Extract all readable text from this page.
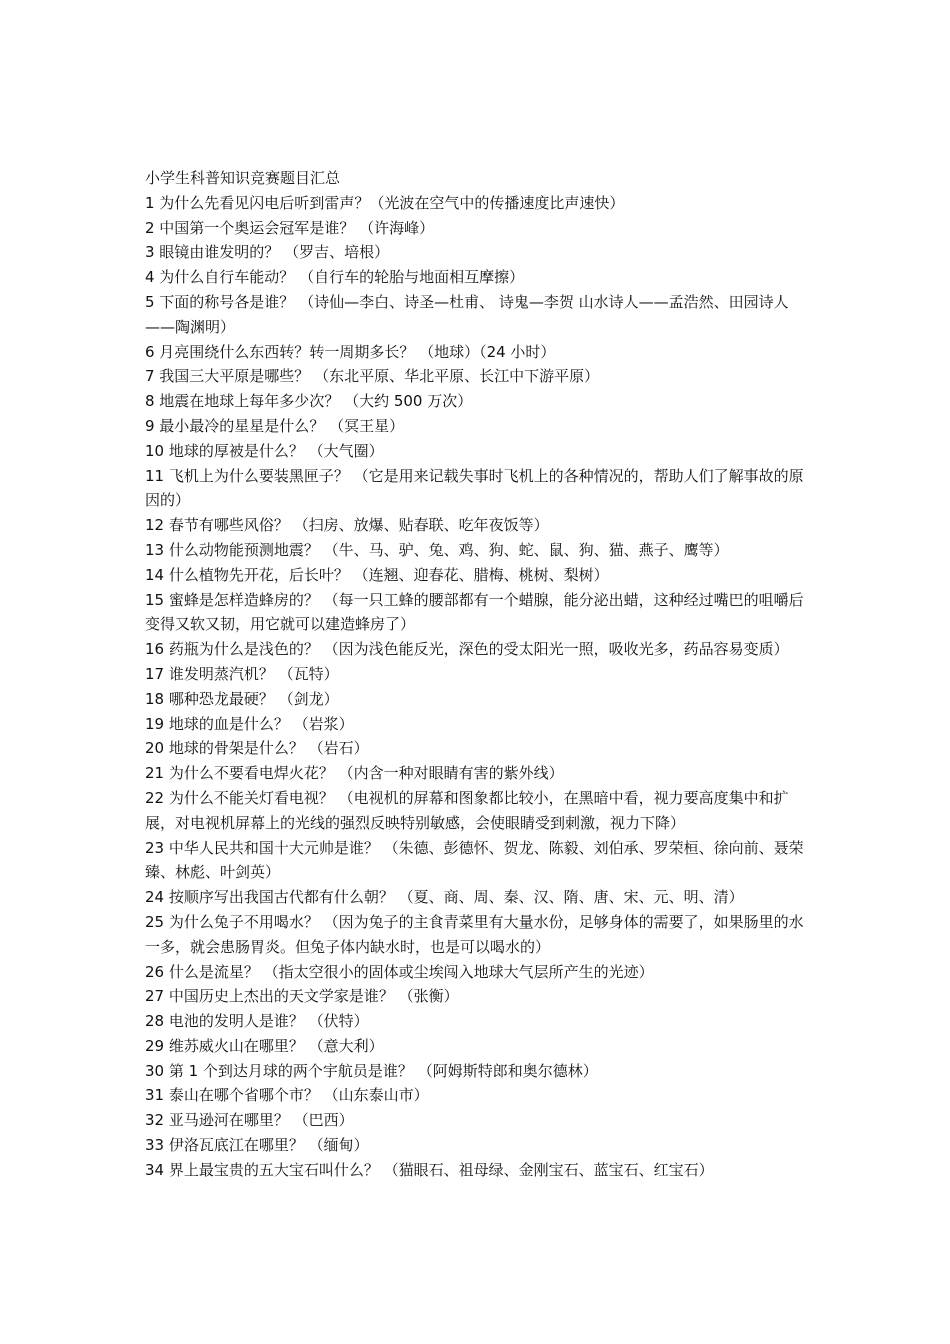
小学生科普知识竞赛题目汇总

1 为什么先看见闪电后听到雷声？（光波在空气中的传播速度比声速快）

2 中国第一个奥运会冠军是谁？ （许海峰）

3 眼镜由谁发明的？ （罗吉、培根）

4 为什么自行车能动？ （自行车的轮胎与地面相互摩擦）

5 下面的称号各是谁？ （诗仙—李白、诗圣—杜甫、 诗鬼—李贺 山水诗人——孟浩然、田园诗人——陶渊明）

6 月亮围绕什么东西转？转一周期多长？ （地球）（24 小时）

7 我国三大平原是哪些？ （东北平原、华北平原、长江中下游平原）

8 地震在地球上每年多少次？ （大约 500 万次）

9 最小最冷的星星是什么？ （冥王星）

10 地球的厚被是什么？ （大气圈）

11 飞机上为什么要装黑匣子？ （它是用来记载失事时飞机上的各种情况的，帮助人们了解事故的原因的）

12 春节有哪些风俗？ （扫房、放爆、贴春联、吃年夜饭等）

13 什么动物能预测地震？ （牛、马、驴、兔、鸡、狗、蛇、鼠、狗、猫、燕子、鹰等）

14 什么植物先开花，后长叶？ （连翘、迎春花、腊梅、桃树、梨树）

15 蜜蜂是怎样造蜂房的？ （每一只工蜂的腰部都有一个蜡腺，能分泌出蜡，这种经过嘴巴的咀嚼后变得又软又韧，用它就可以建造蜂房了）

16 药瓶为什么是浅色的？ （因为浅色能反光，深色的受太阳光一照，吸收光多，药品容易变质）

17 谁发明蒸汽机？ （瓦特）

18 哪种恐龙最硬？ （剑龙）

19 地球的血是什么？ （岩浆）

20 地球的骨架是什么？ （岩石）

21 为什么不要看电焊火花？ （内含一种对眼睛有害的紫外线）

22 为什么不能关灯看电视？ （电视机的屏幕和图象都比较小，在黑暗中看，视力要高度集中和扩展，对电视机屏幕上的光线的强烈反映特别敏感，会使眼睛受到刺激，视力下降）

23 中华人民共和国十大元帅是谁？ （朱德、彭德怀、贺龙、陈毅、刘伯承、罗荣桓、徐向前、聂荣臻、林彪、叶剑英）

24 按顺序写出我国古代都有什么朝？ （夏、商、周、秦、汉、隋、唐、宋、元、明、清）

25 为什么兔子不用喝水？ （因为兔子的主食青菜里有大量水份，足够身体的需要了，如果肠里的水一多，就会患肠胃炎。但兔子体内缺水时，也是可以喝水的）

26 什么是流星？ （指太空很小的固体或尘埃闯入地球大气层所产生的光迹）

27 中国历史上杰出的天文学家是谁？ （张衡）

28 电池的发明人是谁？ （伏特）

29 维苏威火山在哪里？ （意大利）

30 第 1 个到达月球的两个宇航员是谁？ （阿姆斯特郎和奥尔德林）

31 泰山在哪个省哪个市？ （山东泰山市）

32 亚马逊河在哪里？ （巴西）

33 伊洛瓦底江在哪里？ （缅甸）

34 界上最宝贵的五大宝石叫什么？ （猫眼石、祖母绿、金刚宝石、蓝宝石、红宝石）
